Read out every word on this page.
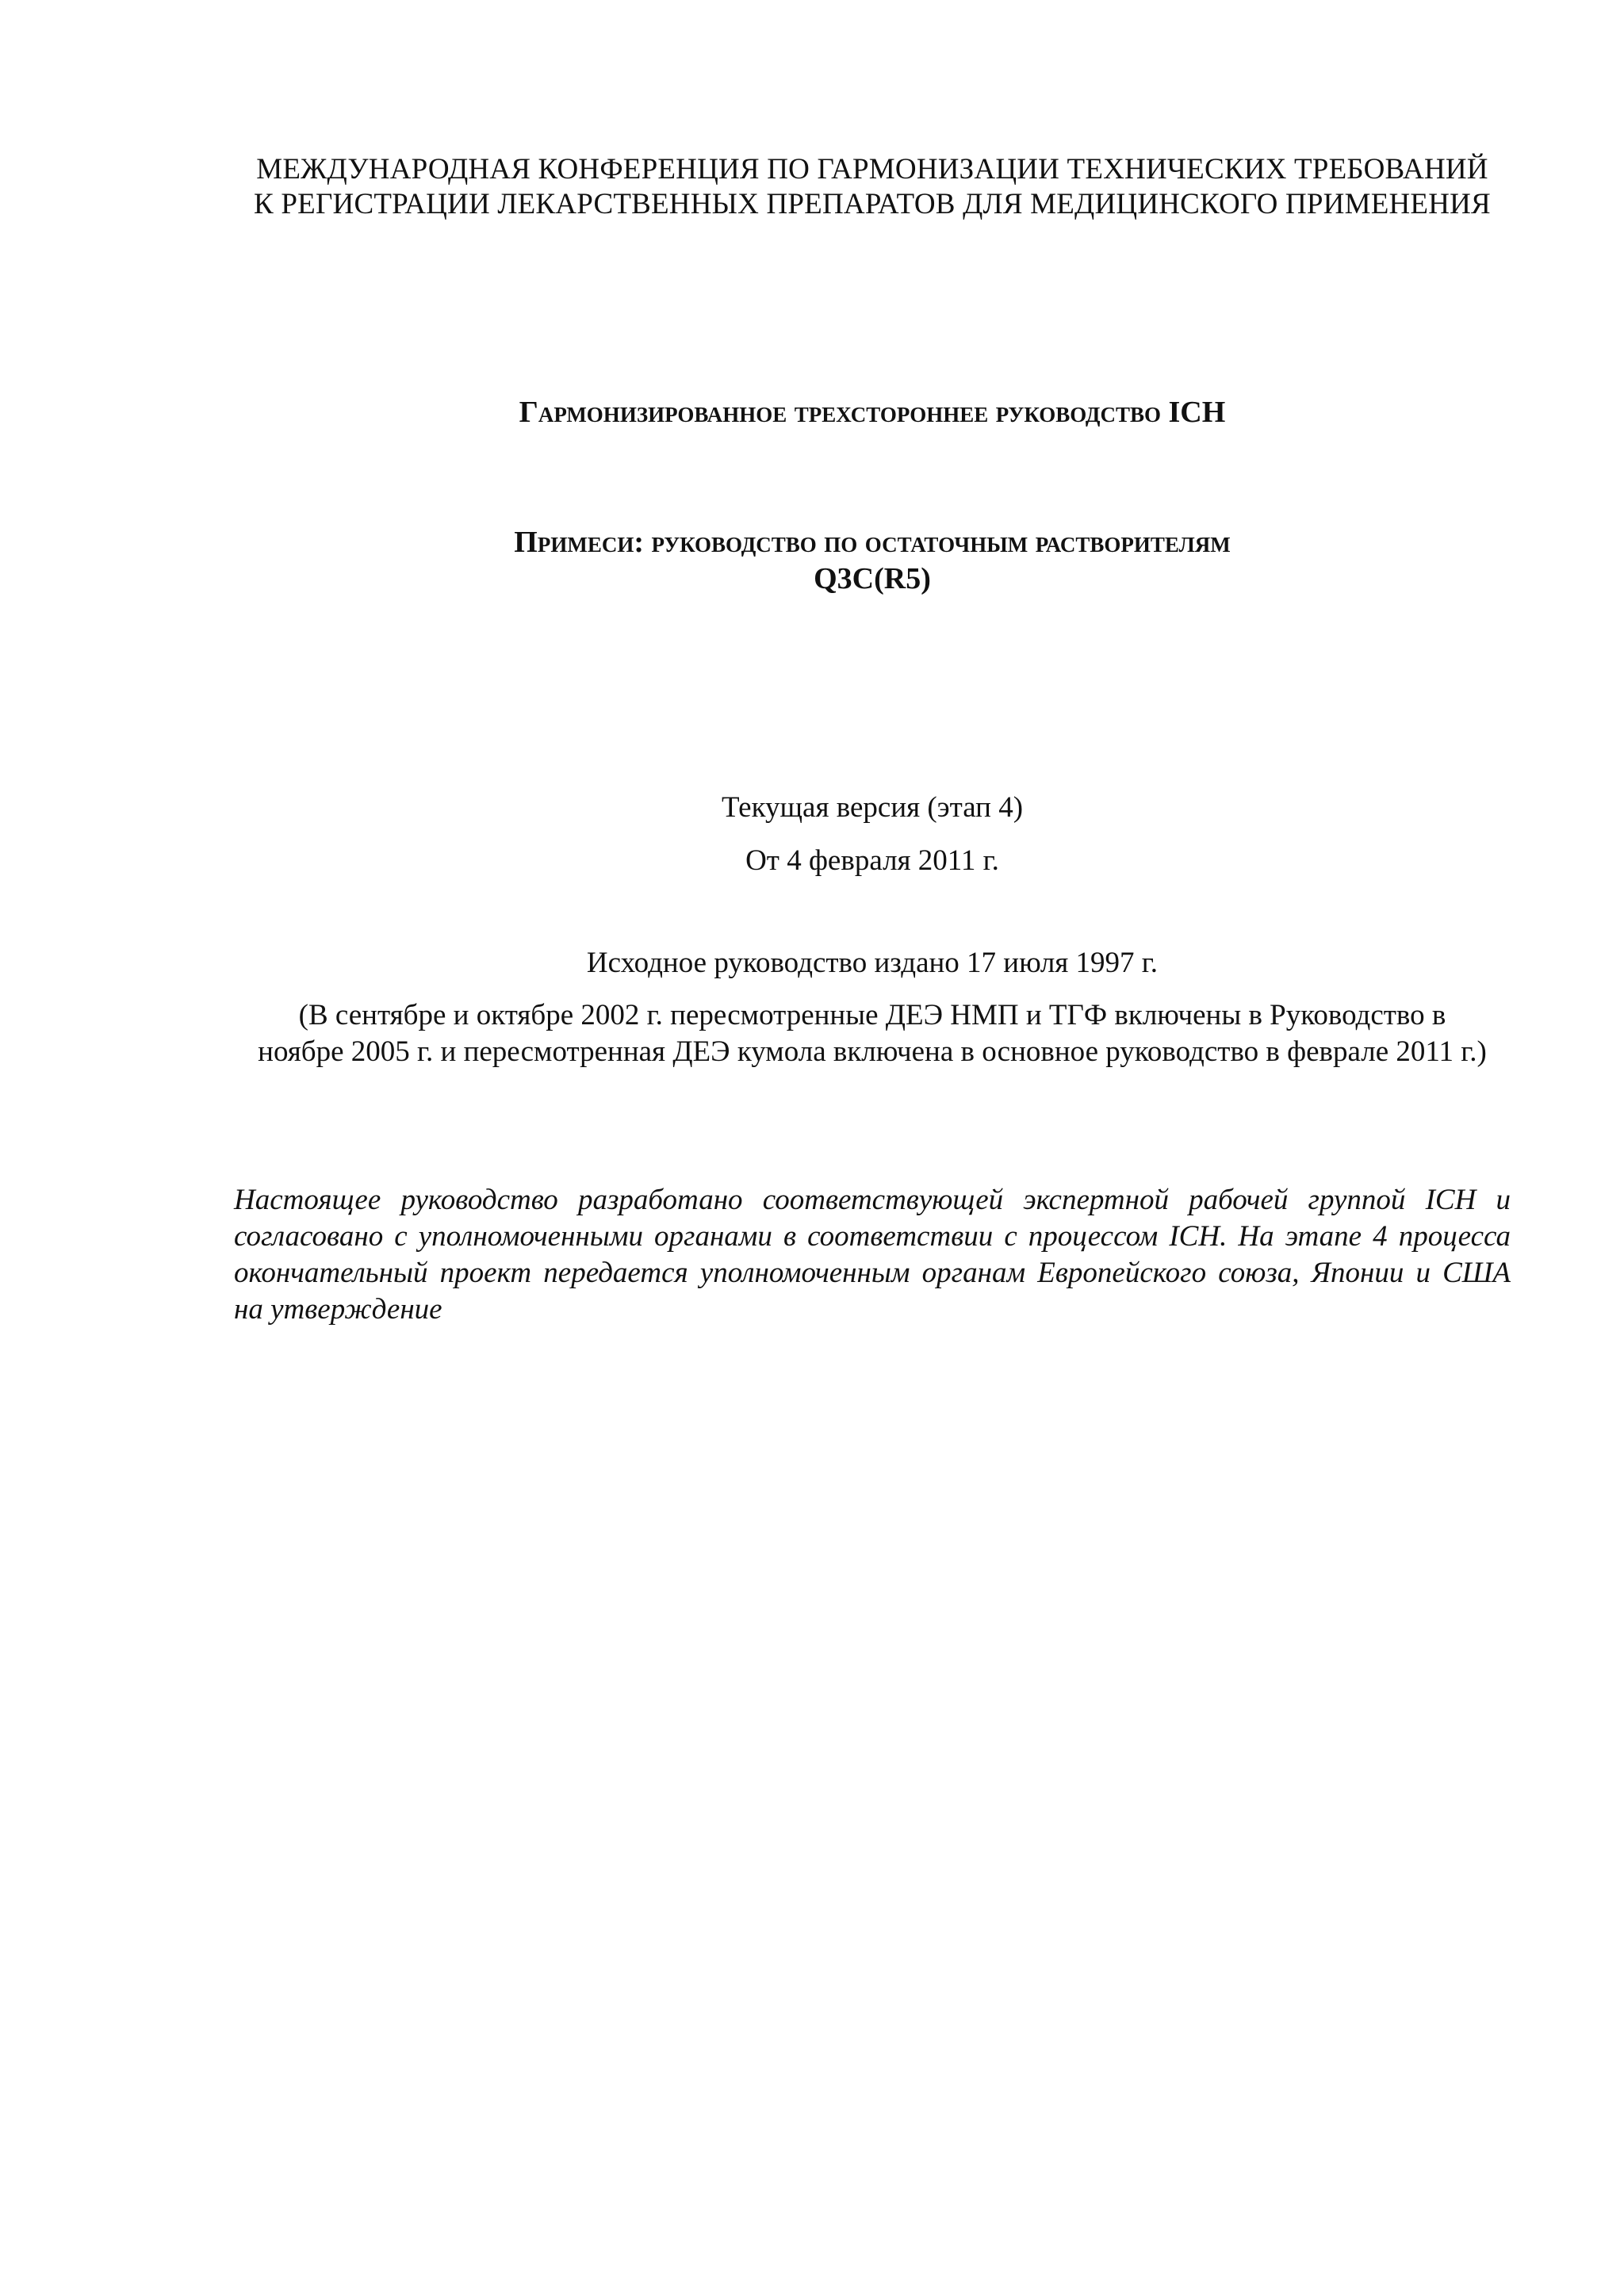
МЕЖДУНАРОДНАЯ КОНФЕРЕНЦИЯ ПО ГАРМОНИЗАЦИИ ТЕХНИЧЕСКИХ ТРЕБОВАНИЙ
К РЕГИСТРАЦИИ ЛЕКАРСТВЕННЫХ ПРЕПАРАТОВ ДЛЯ МЕДИЦИНСКОГО ПРИМЕНЕНИЯ

Гармонизированное трехстороннее руководство ICH

Примеси: руководство по остаточным растворителям

Q3C(R5)

Текущая версия (этап 4)

От 4 февраля 2011 г.

Исходное руководство издано 17 июля 1997 г.

(В сентябре и октябре 2002 г. пересмотренные ДЕЭ НМП и ТГФ включены в Руководство в
ноябре 2005 г. и пересмотренная ДЕЭ кумола включена в основное руководство в феврале 2011 г.)

Настоящее руководство разработано соответствующей экспертной рабочей группой ICH и
согласовано с уполномоченными органами в соответствии с процессом ICH. На этапе 4 процесса
окончательный проект передается уполномоченным органам Европейского союза, Японии и США
на утверждение
